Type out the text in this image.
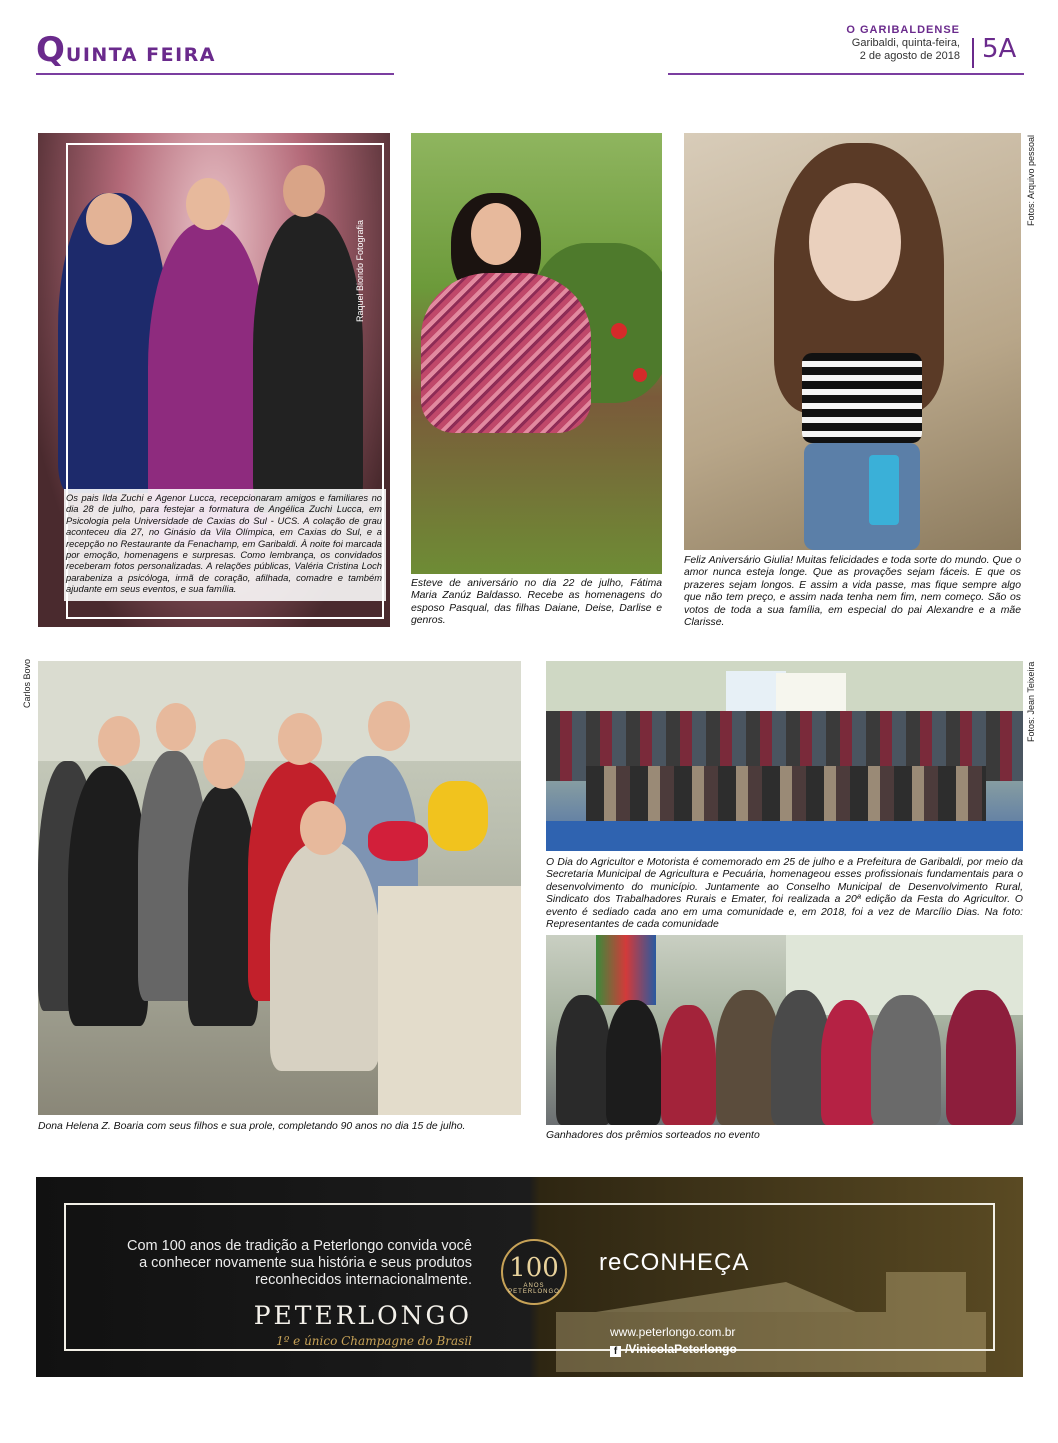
QUINTA FEIRA
O GARIBALDENSE
Garibaldi, quinta-feira,
2 de agosto de 2018 5A
Raquel Biondo Fotografia
Os pais Ilda Zuchi e Agenor Lucca, recepcionaram amigos e familiares no dia 28 de julho, para festejar a formatura de Angélica Zuchi Lucca, em Psicologia pela Universidade de Caxias do Sul - UCS. A colação de grau aconteceu dia 27, no Ginásio da Vila Olímpica, em Caxias do Sul, e a recepção no Restaurante da Fenachamp, em Garibaldi. À noite foi marcada por emoção, homenagens e surpresas. Como lembrança, os convidados receberam fotos personalizadas. A relações públicas, Valéria Cristina Loch parabeniza a psicóloga, irmã de coração, afilhada, comadre e também ajudante em seus eventos, e sua família.	Esteve de aniversário no dia 22 de julho, Fátima Maria Zanúz Baldasso. Recebe as homenagens do esposo Pasqual, das filhas Daiane, Deise, Darlise e genros.
Fotos: Arquivo pessoal
Feliz Aniversário Giulia! Muitas felicidades e toda sorte do mundo. Que o amor nunca esteja longe. Que as provações sejam fáceis. E que os prazeres sejam longos. E assim a vida passe, mas fique sempre algo que não tem preço, e assim nada tenha nem fim, nem começo. São os votos de toda a sua família, em especial do pai Alexandre e a mãe Clarisse.
Carlos Bovo
Dona Helena Z. Boaria com seus filhos e sua prole, completando 90 anos no dia 15 de julho.
Fotos: Jean Teixeira
O Dia do Agricultor e Motorista é comemorado em 25 de julho e a Prefeitura de Garibaldi, por meio da Secretaria Municipal de Agricultura e Pecuária, homenageou esses profissionais fundamentais para o desenvolvimento do município. Juntamente ao Conselho Municipal de Desenvolvimento Rural, Sindicato dos Trabalhadores Rurais e Emater, foi realizada a 20ª edição da Festa do Agricultor. O evento é sediado cada ano em uma comunidade e, em 2018, foi a vez de Marcílio Dias. Na foto: Representantes de cada comunidade
Ganhadores dos prêmios sorteados no evento
Com 100 anos de tradição a Peterlongo convida você a conhecer novamente sua história e seus produtos reconhecidos internacionalmente.
PETERLONGO
1º e único Champagne do Brasil
100
ANOS
PETERLONGO
reCONHEÇA
www.peterlongo.com.br
f /VinicolaPeterlongo
